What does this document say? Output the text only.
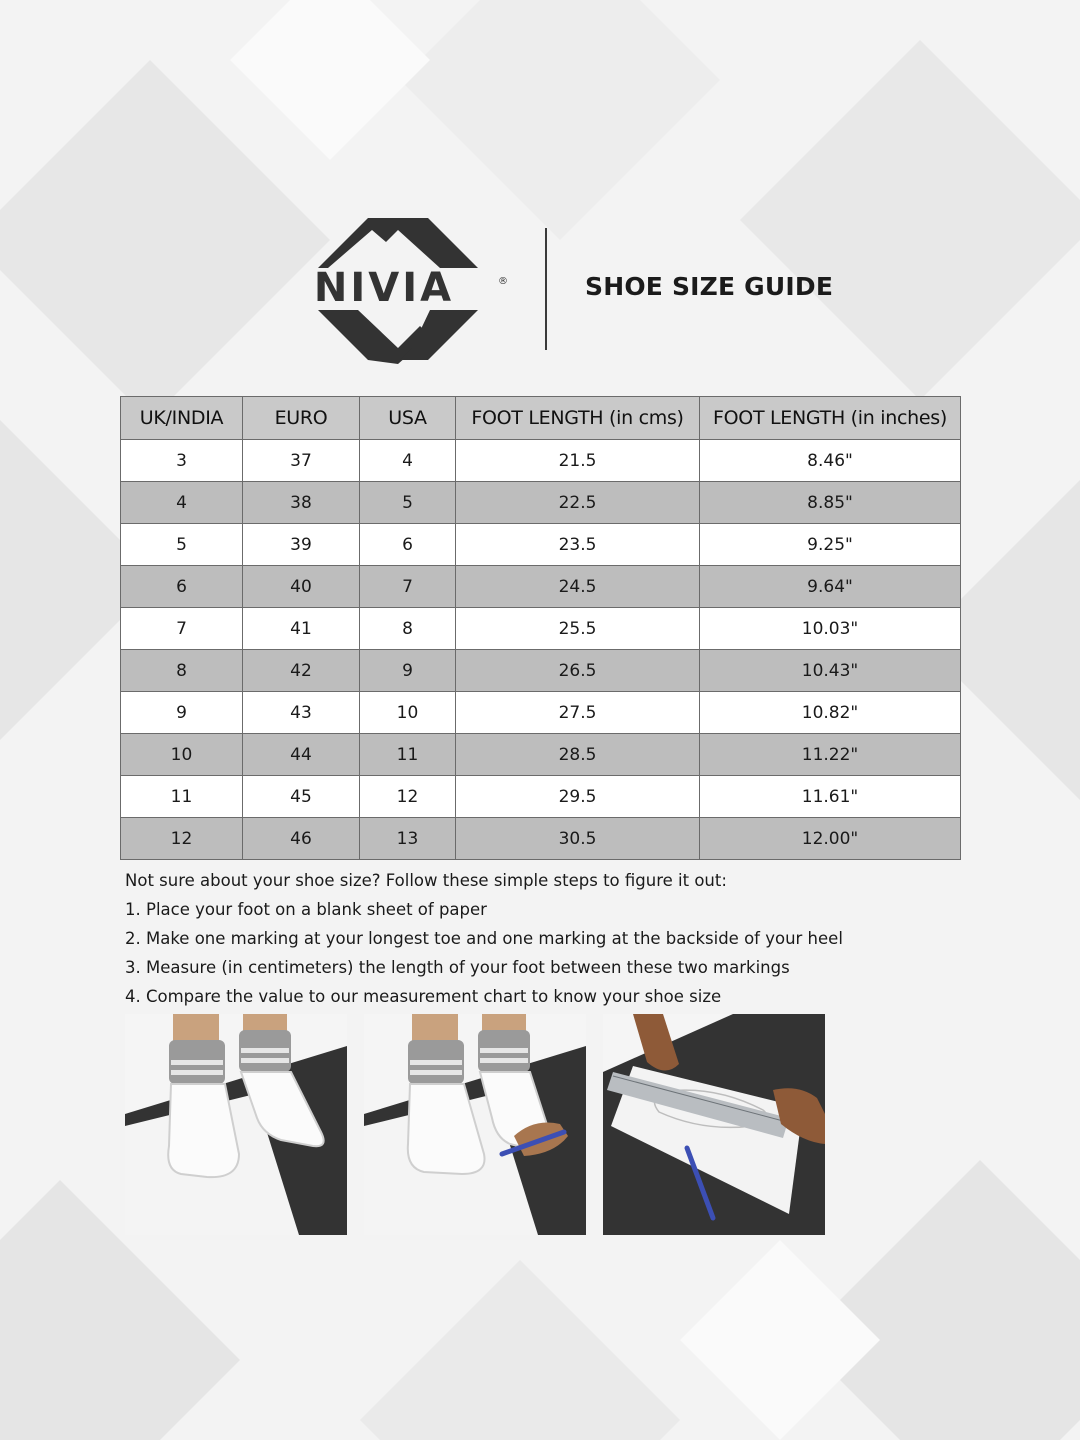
NIVIA	®	SHOE SIZE GUIDE
UK/INDIA	EURO	USA	FOOT LENGTH (in cms)	FOOT LENGTH (in inches)
3	37	4	21.5	8.46"
4	38	5	22.5	8.85"
5	39	6	23.5	9.25"
6	40	7	24.5	9.64"
7	41	8	25.5	10.03"
8	42	9	26.5	10.43"
9	43	10	27.5	10.82"
10	44	11	28.5	11.22"
11	45	12	29.5	11.61"
12	46	13	30.5	12.00"

Not sure about your shoe size? Follow these simple steps to figure it out:

1. Place your foot on a blank sheet of paper

2. Make one marking at your longest toe and one marking at the backside of your heel

3. Measure (in centimeters) the length of your foot between these two markings

4. Compare the value to our measurement chart to know your shoe size
